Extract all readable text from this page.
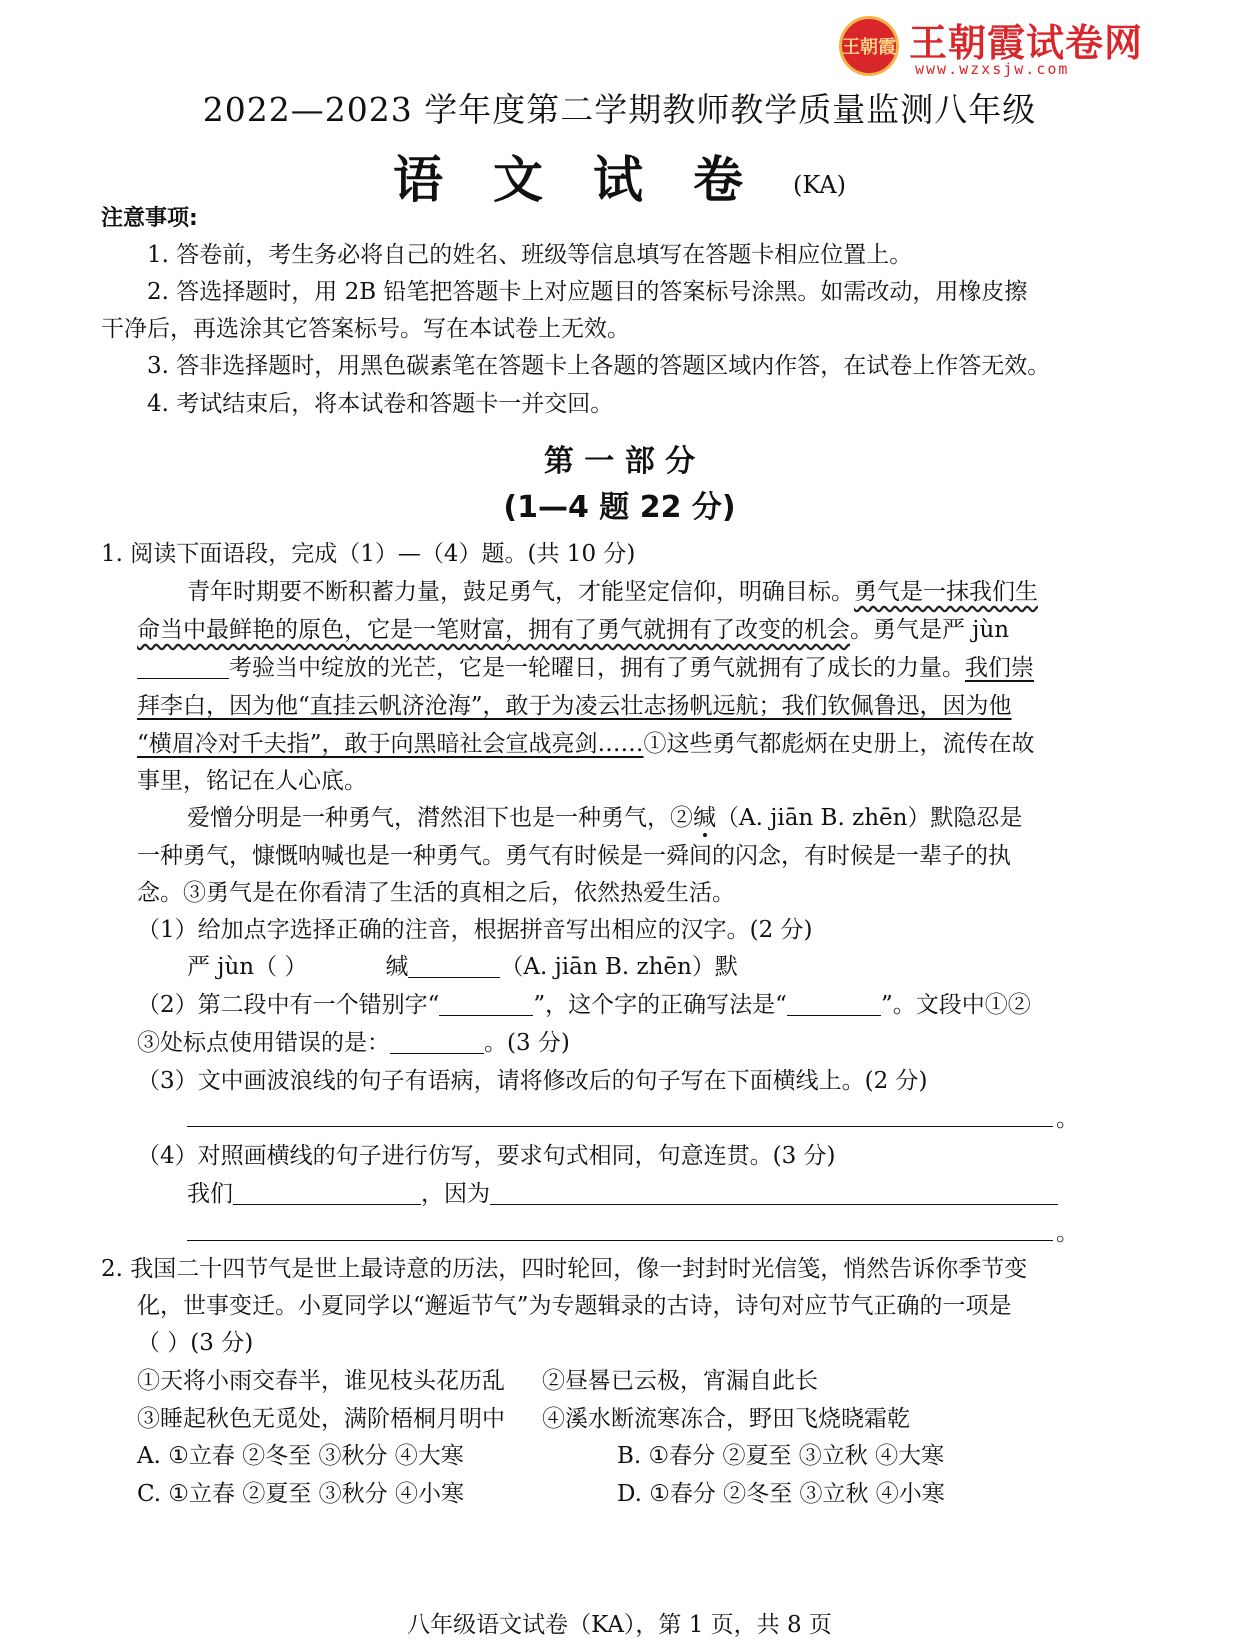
王朝霞 王朝霞试卷网
www.wzxsjw.com
2022—2023 学年度第二学期教师教学质量监测八年级
语文试卷(KA)
注意事项:
1. 答卷前，考生务必将自己的姓名、班级等信息填写在答题卡相应位置上。
2. 答选择题时，用 2B 铅笔把答题卡上对应题目的答案标号涂黑。如需改动，用橡皮擦
干净后，再选涂其它答案标号。写在本试卷上无效。
3. 答非选择题时，用黑色碳素笔在答题卡上各题的答题区域内作答，在试卷上作答无效。
4. 考试结束后，将本试卷和答题卡一并交回。
第 一 部 分
(1—4 题 22 分)
1. 阅读下面语段，完成（1）—（4）题。(共 10 分)
青年时期要不断积蓄力量，鼓足勇气，才能坚定信仰，明确目标。勇气是一抹我们生
命当中最鲜艳的原色，它是一笔财富，拥有了勇气就拥有了改变的机会。勇气是严 jùn
考验当中绽放的光芒，它是一轮曜日，拥有了勇气就拥有了成长的力量。我们崇
拜李白，因为他“直挂云帆济沧海”，敢于为凌云壮志扬帆远航；我们钦佩鲁迅，因为他
“横眉冷对千夫指”，敢于向黑暗社会宣战亮剑……①这些勇气都彪炳在史册上，流传在故
事里，铭记在人心底。
爱憎分明是一种勇气，潸然泪下也是一种勇气，②缄（A. jiān B. zhēn）默隐忍是
一种勇气，慷慨呐喊也是一种勇气。勇气有时候是一舜间的闪念，有时候是一辈子的执
念。③勇气是在你看清了生活的真相之后，依然热爱生活。
（1）给加点字选择正确的注音，根据拼音写出相应的汉字。(2 分)
严 jùn（ ）	缄	（A. jiān B. zhēn）默
（2）第二段中有一个错别字“	”，这个字的正确写法是“	”。文段中①②
③处标点使用错误的是：	。(3 分)
（3）文中画波浪线的句子有语病，请将修改后的句子写在下面横线上。(2 分)
。
（4）对照画横线的句子进行仿写，要求句式相同，句意连贯。(3 分)
我们	，因为
。
2. 我国二十四节气是世上最诗意的历法，四时轮回，像一封封时光信笺，悄然告诉你季节变
化，世事变迁。小夏同学以“邂逅节气”为专题辑录的古诗，诗句对应节气正确的一项是
（ ）(3 分)
①天将小雨交春半，谁见枝头花历乱 ②昼晷已云极，宵漏自此长
③睡起秋色无觅处，满阶梧桐月明中 ④溪水断流寒冻合，野田飞烧晓霜乾
A. ①立春 ②冬至 ③秋分 ④大寒	B. ①春分 ②夏至 ③立秋 ④大寒
C. ①立春 ②夏至 ③秋分 ④小寒	D. ①春分 ②冬至 ③立秋 ④小寒
八年级语文试卷（KA），第 1 页，共 8 页
